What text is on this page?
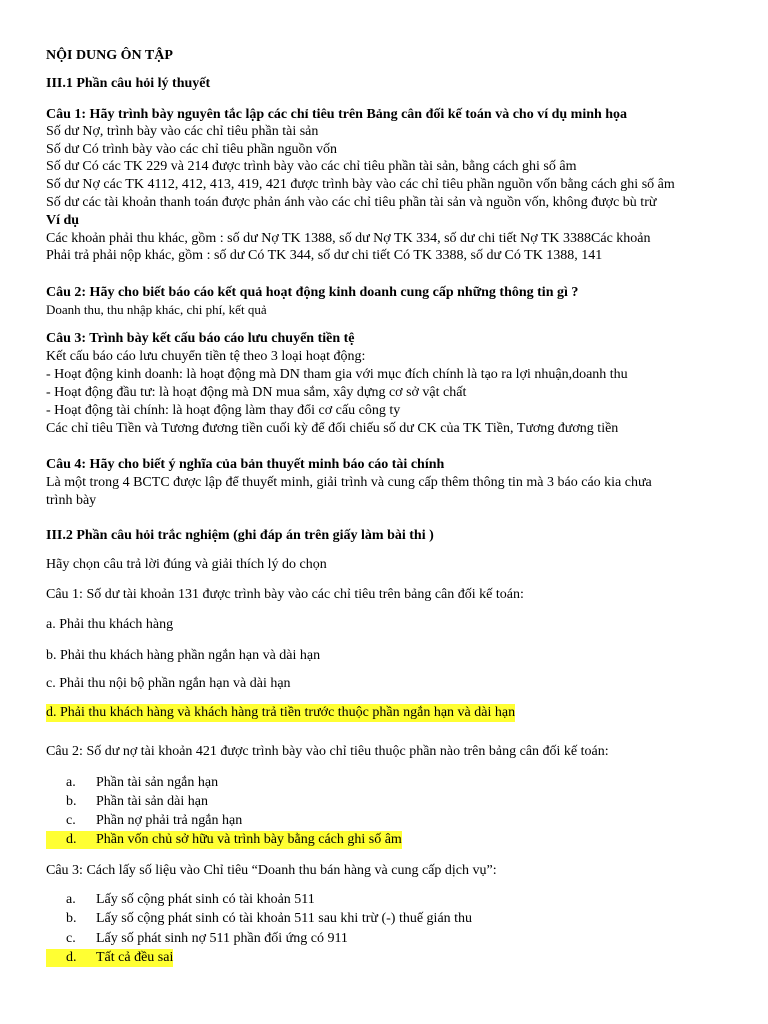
NỘI DUNG ÔN TẬP
III.1 Phần câu hỏi lý thuyết
Câu 1: Hãy trình bày nguyên tắc lập các chỉ tiêu trên Bảng cân đối kế toán và cho ví dụ minh họa
Số dư Nợ, trình bày vào các chỉ tiêu phần tài sản
Số dư Có trình bày vào các chỉ tiêu phần nguồn vốn
Số dư Có các TK 229 và 214 được trình bày vào các chỉ tiêu phần tài sản, bằng cách ghi số âm
Số dư Nợ các TK 4112, 412, 413, 419, 421 được trình bày vào các chỉ tiêu phần nguồn vốn bằng cách ghi số âm
Số dư các tài khoản thanh toán được phản ánh vào các chỉ tiêu phần tài sản và nguồn vốn, không được bù trừ
Ví dụ
Các khoản phải thu khác, gồm : số dư Nợ TK 1388, số dư Nợ TK 334, số dư chi tiết Nợ TK 3388Các khoản
Phải trả phải nộp khác, gồm : số dư Có TK 344, số dư chi tiết Có TK 3388, số dư Có TK 1388, 141
Câu 2: Hãy cho biết báo cáo kết quả hoạt động kinh doanh cung cấp những thông tin gì ?
Doanh thu, thu nhập khác, chi phí, kết quả
Câu 3: Trình bày kết cấu báo cáo lưu chuyển tiền tệ
Kết cấu báo cáo lưu chuyển tiền tệ theo 3 loại hoạt động:
- Hoạt động kinh doanh: là hoạt động mà DN tham gia với mục đích chính là tạo ra lợi nhuận,doanh thu
- Hoạt động đầu tư: là hoạt động mà DN mua sắm, xây dựng cơ sở vật chất
- Hoạt động tài chính: là hoạt động làm thay đổi cơ cấu công ty
Các chỉ tiêu Tiền và Tương đương tiền cuối kỳ để đối chiếu số dư CK của TK Tiền, Tương đương tiền
Câu 4: Hãy cho biết ý nghĩa của bản thuyết minh báo cáo tài chính
Là một trong 4 BCTC được lập để thuyết minh, giải trình và cung cấp thêm thông tin mà 3 báo cáo kia chưa
trình bày
III.2 Phần câu hỏi trắc nghiệm (ghi đáp án trên giấy làm bài thi )
Hãy chọn câu trả lời đúng và giải thích lý do chọn
Câu 1: Số dư tài khoản 131 được trình bày vào các chỉ tiêu trên bảng cân đối kế toán:
a. Phải thu khách hàng
b. Phải thu khách hàng phần ngắn hạn và dài hạn
c. Phải thu nội bộ phần ngắn hạn và dài hạn
d. Phải thu khách hàng và khách hàng trả tiền trước thuộc phần ngắn hạn và dài hạn
Câu 2: Số dư nợ tài khoản 421 được trình bày vào chỉ tiêu thuộc phần nào trên bảng cân đối kế toán:
a. Phần tài sản ngắn hạn
b. Phần tài sản dài hạn
c. Phần nợ phải trả ngắn hạn
d. Phần vốn chủ sở hữu và trình bày bằng cách ghi số âm
Câu 3: Cách lấy số liệu vào Chỉ tiêu “Doanh thu bán hàng và cung cấp dịch vụ”:
a. Lấy số cộng phát sinh có tài khoản 511
b. Lấy số cộng phát sinh có tài khoản 511 sau khi trừ (-) thuế gián thu
c. Lấy số phát sinh nợ 511 phần đối ứng có 911
d. Tất cả đều sai
